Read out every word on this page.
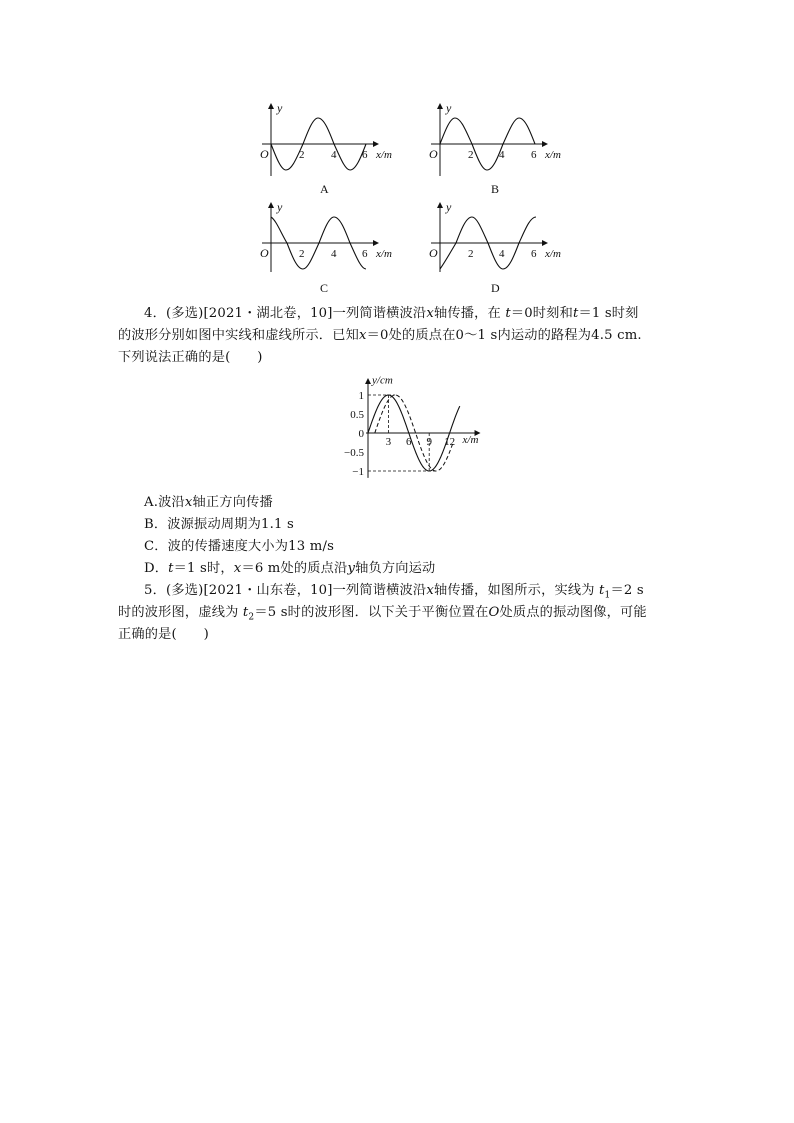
y
O	2 4 6 x/m
A
y
O	2 4 6 x/m
B
y
O	2 4 6 x/m
C
y
O	2 4 6 x/m
D
4．(多选)[2021・湖北卷，10]一列简谐横波沿x轴传播，在 t＝0时刻和t＝1 s时刻
的波形分别如图中实线和虚线所示．已知x＝0处的质点在0～1 s内运动的路程为4.5 cm.
下列说法正确的是(　　)
y/cm
x/m
3 6 9 12
1
0.5
0
−0.5
−1
A.波沿x轴正方向传播
B．波源振动周期为1.1 s
C．波的传播速度大小为13 m/s
D．t＝1 s时，x＝6 m处的质点沿y轴负方向运动
5．(多选)[2021・山东卷，10]一列简谐横波沿x轴传播，如图所示，实线为 $t_1=2$ s
时的波形图，虚线为 $t_2=5$ s时的波形图．以下关于平衡位置在O处质点的振动图像，可能
正确的是(　　)
